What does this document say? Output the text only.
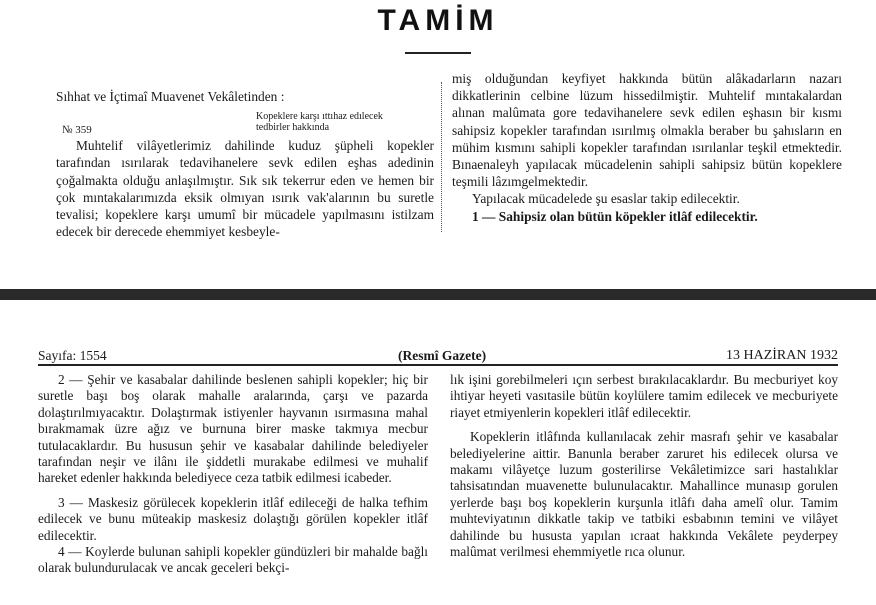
TAMİM
Sıhhat ve İçtimaî Muavenet Vekâletinden :
№ 359
Kopeklere karşı ıttıhaz edılecek
tedbirler hakkında

Muhtelif vilâyetlerimiz dahilinde kuduz şüpheli kopekler tarafından ısırılarak tedavihanelere sevk edilen eşhas adedinin çoğalmakta olduğu anlaşılmıştır. Sık sık tekerrur eden ve hemen bir çok mıntakalarımızda eksik olmıyan ısırık vak'alarının bu suretle tevalisi; kopeklere karşı umumî bir mücadele yapılmasını istilzam edecek bir derecede ehemmiyet kesbeyle-

miş olduğundan keyfiyet hakkında bütün alâkadarların nazarı dikkatlerinin celbine lüzum hissedilmiştir. Muhtelif mıntakalardan alınan malûmata gore tedavihanelere sevk edilen eşhasın bir kısmı sahipsiz kopekler tarafından ısırılmış olmakla beraber bu şahısların en mühim kısmını sahipli kopekler tarafından ısırılanlar teşkil etmektedir. Bınaenaleyh yapılacak mücadelenin sahipli sahipsiz bütün kopeklere teşmili lâzımgelmektedir.

Yapılacak mücadelede şu esaslar takip edilecektir.

1 — Sahipsiz olan bütün köpekler itlâf edilecektir.

Sayıfa: 1554	(Resmî Gazete)	13 HAZİRAN 1932

2 — Şehir ve kasabalar dahilinde beslenen sahipli kopekler; hiç bir suretle başı boş olarak mahalle aralarında, çarşı ve pazarda dolaştırılmıyacaktır. Dolaştırmak istiyenler hayvanın ısırmasına mahal bırakmamak üzre ağız ve burnuna birer maske takmıya mecbur tutulacaklardır. Bu hususun şehir ve kasabalar dahilinde belediyeler tarafından neşir ve ilânı ile şiddetli murakabe edilmesi ve muhalif hareket edenler hakkında belediyece ceza tatbik edilmesi icabeder.

3 — Maskesiz görülecek kopeklerin itlâf edileceği de halka tefhim edilecek ve bunu müteakip maskesiz dolaştığı görülen kopekler itlâf edilecektir.

4 — Koylerde bulunan sahipli kopekler gündüzleri bir mahalde bağlı olarak bulundurulacak ve ancak geceleri bekçi-

lık işini gorebilmeleri ıçın serbest bırakılacaklardır. Bu mecburiyet koy ihtiyar heyeti vasıtasile bütün koylülere tamim edilecek ve mecburiyete riayet etmiyenlerin kopekleri itlâf edilecektir.

Kopeklerin itlâfında kullanılacak zehir masrafı şehir ve kasabalar belediyelerine aittir. Banunla beraber zaruret his edilecek olursa ve makamı vilâyetçe luzum gosterilirse Vekâletimizce sari hastalıklar tahsisatından muavenette bulunulacaktır. Mahallince munasıp gorulen yerlerde başı boş kopeklerin kurşunla itlâfı daha amelî olur. Tamim muhteviyatının dikkatle takip ve tatbiki esbabının temini ve vilâyet dahilinde bu hususta yapılan ıcraat hakkında Vekâlete peyderpey malûmat verilmesi ehemmiyetle rıca olunur.
